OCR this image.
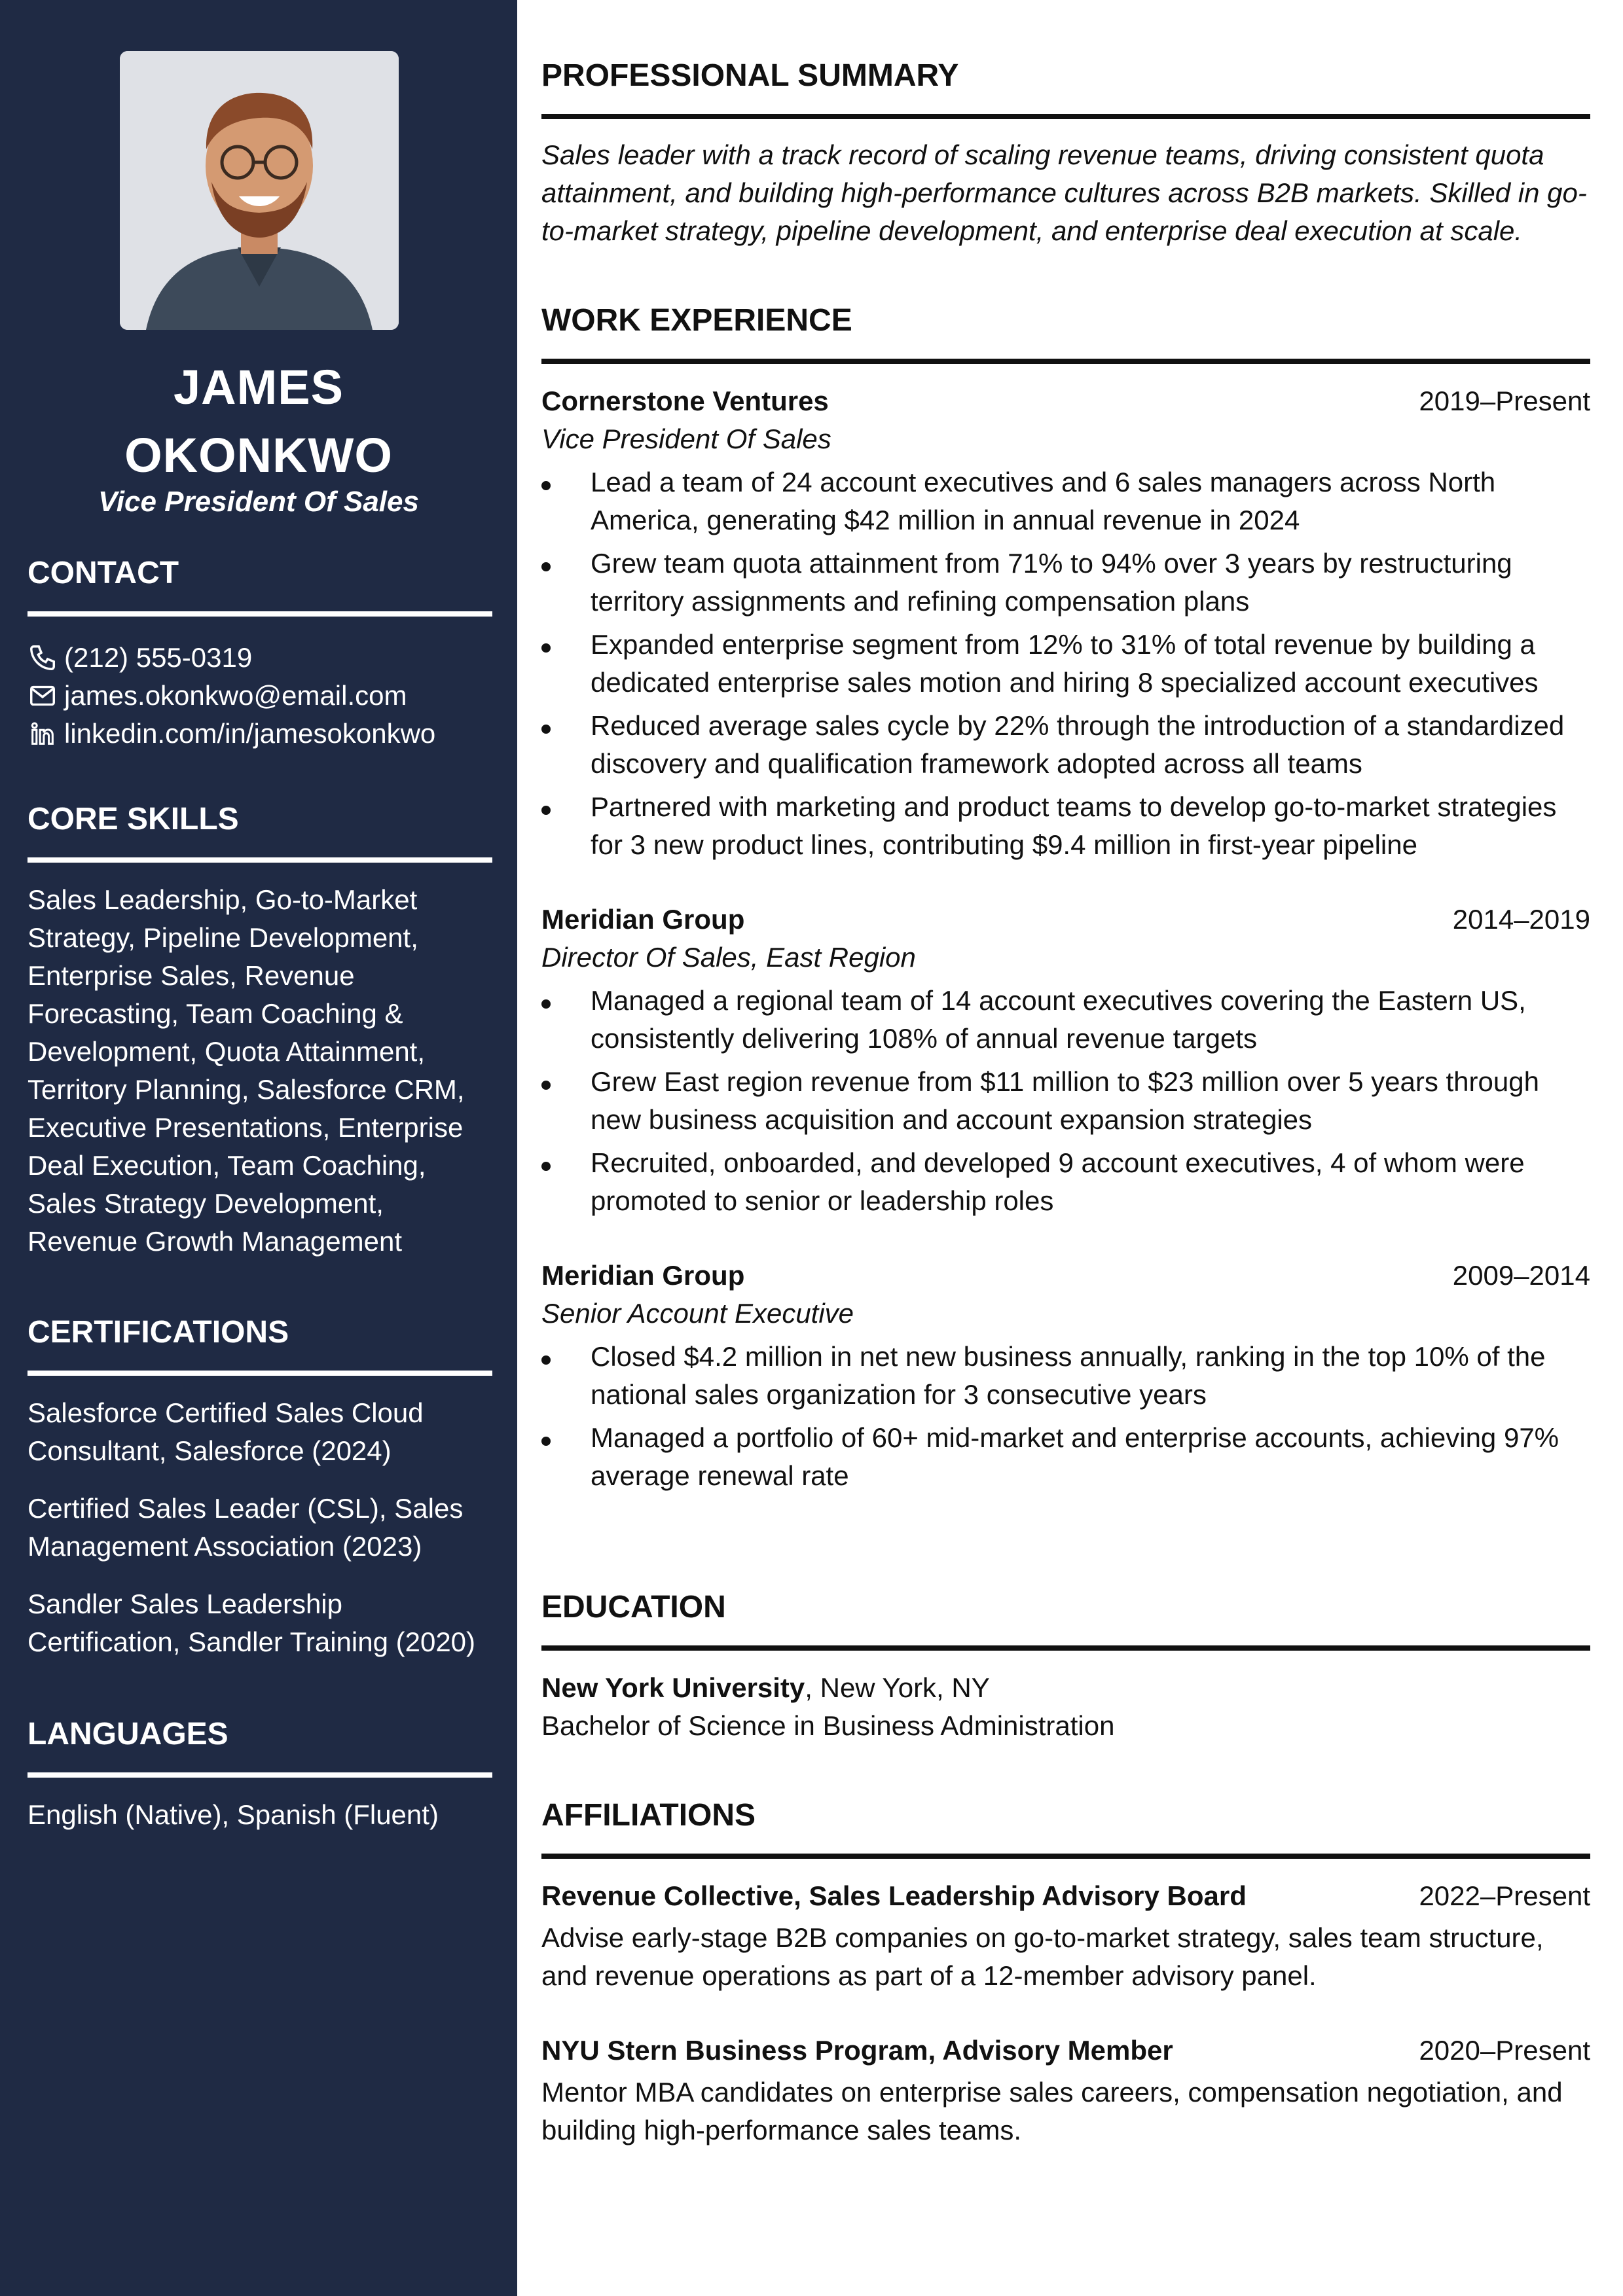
JAMES
OKONKWO
Vice President Of Sales
CONTACT
(212) 555-0319
james.okonkwo@email.com
linkedin.com/in/jamesokonkwo
CORE SKILLS
Sales Leadership, Go-to-Market Strategy, Pipeline Development, Enterprise Sales, Revenue Forecasting, Team Coaching & Development, Quota Attainment, Territory Planning, Salesforce CRM, Executive Presentations, Enterprise Deal Execution, Team Coaching, Sales Strategy Development, Revenue Growth Management
CERTIFICATIONS
Salesforce Certified Sales Cloud Consultant, Salesforce (2024)
Certified Sales Leader (CSL), Sales Management Association (2023)
Sandler Sales Leadership Certification, Sandler Training (2020)
LANGUAGES
English (Native), Spanish (Fluent)
PROFESSIONAL SUMMARY
Sales leader with a track record of scaling revenue teams, driving consistent quota attainment, and building high-performance cultures across B2B markets. Skilled in go-to-market strategy, pipeline development, and enterprise deal execution at scale.
WORK EXPERIENCE
Cornerstone Ventures	2019–Present
Vice President Of Sales
Lead a team of 24 account executives and 6 sales managers across North America, generating $42 million in annual revenue in 2024
Grew team quota attainment from 71% to 94% over 3 years by restructuring territory assignments and refining compensation plans
Expanded enterprise segment from 12% to 31% of total revenue by building a dedicated enterprise sales motion and hiring 8 specialized account executives
Reduced average sales cycle by 22% through the introduction of a standardized discovery and qualification framework adopted across all teams
Partnered with marketing and product teams to develop go-to-market strategies for 3 new product lines, contributing $9.4 million in first-year pipeline
Meridian Group	2014–2019
Director Of Sales, East Region
Managed a regional team of 14 account executives covering the Eastern US, consistently delivering 108% of annual revenue targets
Grew East region revenue from $11 million to $23 million over 5 years through new business acquisition and account expansion strategies
Recruited, onboarded, and developed 9 account executives, 4 of whom were promoted to senior or leadership roles
Meridian Group	2009–2014
Senior Account Executive
Closed $4.2 million in net new business annually, ranking in the top 10% of the national sales organization for 3 consecutive years
Managed a portfolio of 60+ mid-market and enterprise accounts, achieving 97% average renewal rate
EDUCATION
New York University, New York, NY
Bachelor of Science in Business Administration
AFFILIATIONS
Revenue Collective, Sales Leadership Advisory Board	2022–Present
Advise early-stage B2B companies on go-to-market strategy, sales team structure, and revenue operations as part of a 12-member advisory panel.
NYU Stern Business Program, Advisory Member	2020–Present
Mentor MBA candidates on enterprise sales careers, compensation negotiation, and building high-performance sales teams.
